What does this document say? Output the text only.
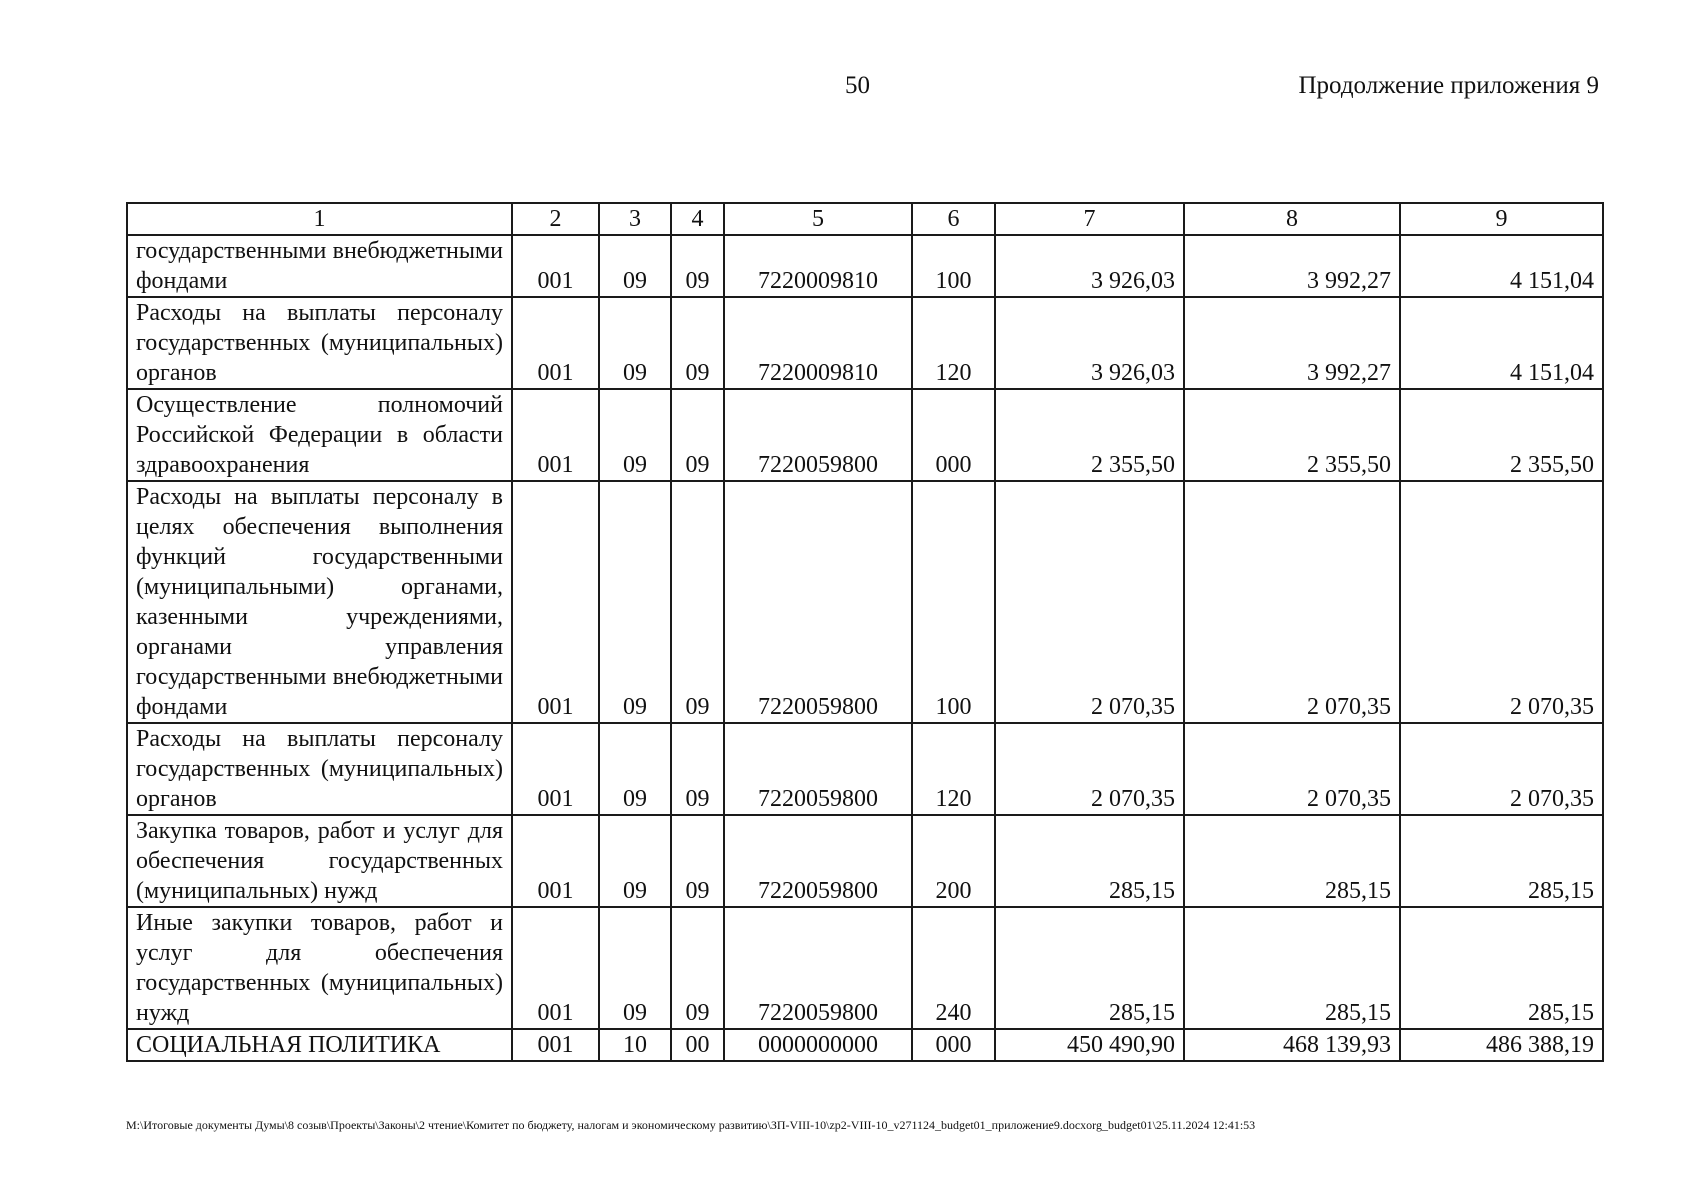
50	Продолжение приложения 9
1	2	3	4	5	6	7	8	9
государственными внебюджетными фондами	001	09	09	7220009810	100	3 926,03	3 992,27	4 151,04
Расходы на выплаты персоналу государственных (муниципальных) органов	001	09	09	7220009810	120	3 926,03	3 992,27	4 151,04
Осуществление полномочий Российской Федерации в области здравоохранения	001	09	09	7220059800	000	2 355,50	2 355,50	2 355,50
Расходы на выплаты персоналу в целях обеспечения выполнения функций государственными (муниципальными) органами, казенными учреждениями, органами управления государственными внебюджетными фондами	001	09	09	7220059800	100	2 070,35	2 070,35	2 070,35
Расходы на выплаты персоналу государственных (муниципальных) органов	001	09	09	7220059800	120	2 070,35	2 070,35	2 070,35
Закупка товаров, работ и услуг для обеспечения государственных (муниципальных) нужд	001	09	09	7220059800	200	285,15	285,15	285,15
Иные закупки товаров, работ и услуг для обеспечения государственных (муниципальных) нужд	001	09	09	7220059800	240	285,15	285,15	285,15
СОЦИАЛЬНАЯ ПОЛИТИКА	001	10	00	0000000000	000	450 490,90	468 139,93	486 388,19
M:\Итоговые документы Думы\8 созыв\Проекты\Законы\2 чтение\Комитет по бюджету, налогам и экономическому развитию\ЗП-VIII-10\zp2-VIII-10_v271124_budget01_приложение9.docxorg_budget01\25.11.2024 12:41:53
